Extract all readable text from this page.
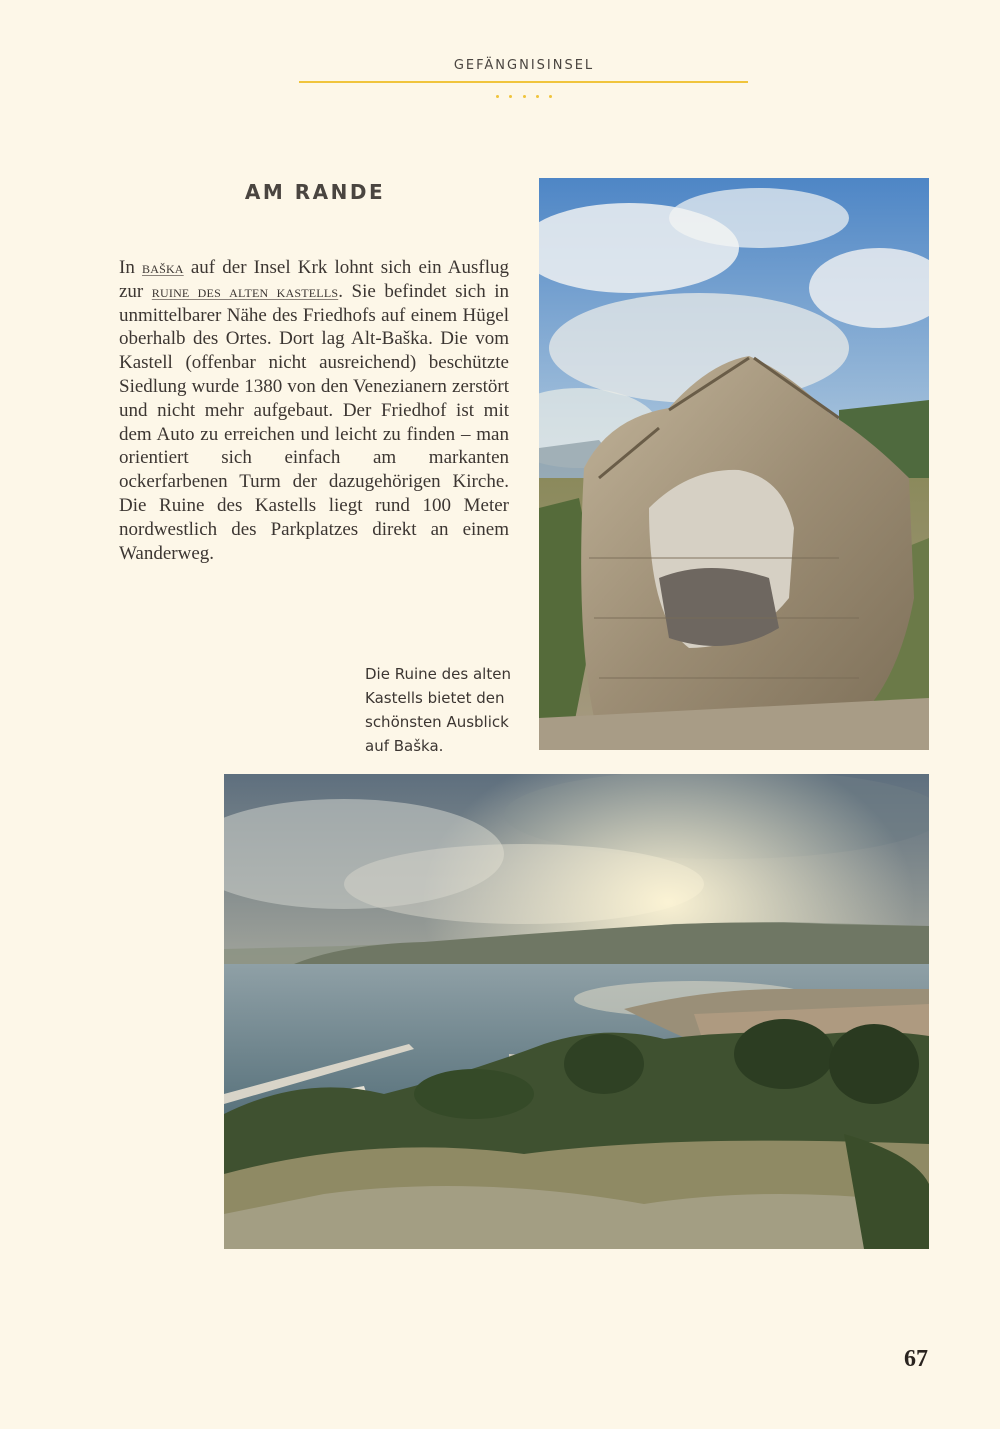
GEFÄNGNISINSEL
AM RANDE

In baška auf der Insel Krk lohnt sich ein Ausflug zur ruine des alten kastells. Sie befindet sich in unmittelbarer Nähe des Friedhofs auf einem Hügel oberhalb des Ortes. Dort lag Alt-Baška. Die vom Kastell (offenbar nicht ausreichend) beschützte Siedlung wurde 1380 von den Venezianern zerstört und nicht mehr aufgebaut. Der Friedhof ist mit dem Auto zu erreichen und leicht zu finden – man orientiert sich einfach am markanten ockerfarbenen Turm der dazugehörigen Kirche. Die Ruine des Kastells liegt rund 100 Meter nordwestlich des Parkplatzes direkt an einem Wanderweg.

Die Ruine des alten
Kastells bietet den
schönsten Ausblick
auf Baška.
67
